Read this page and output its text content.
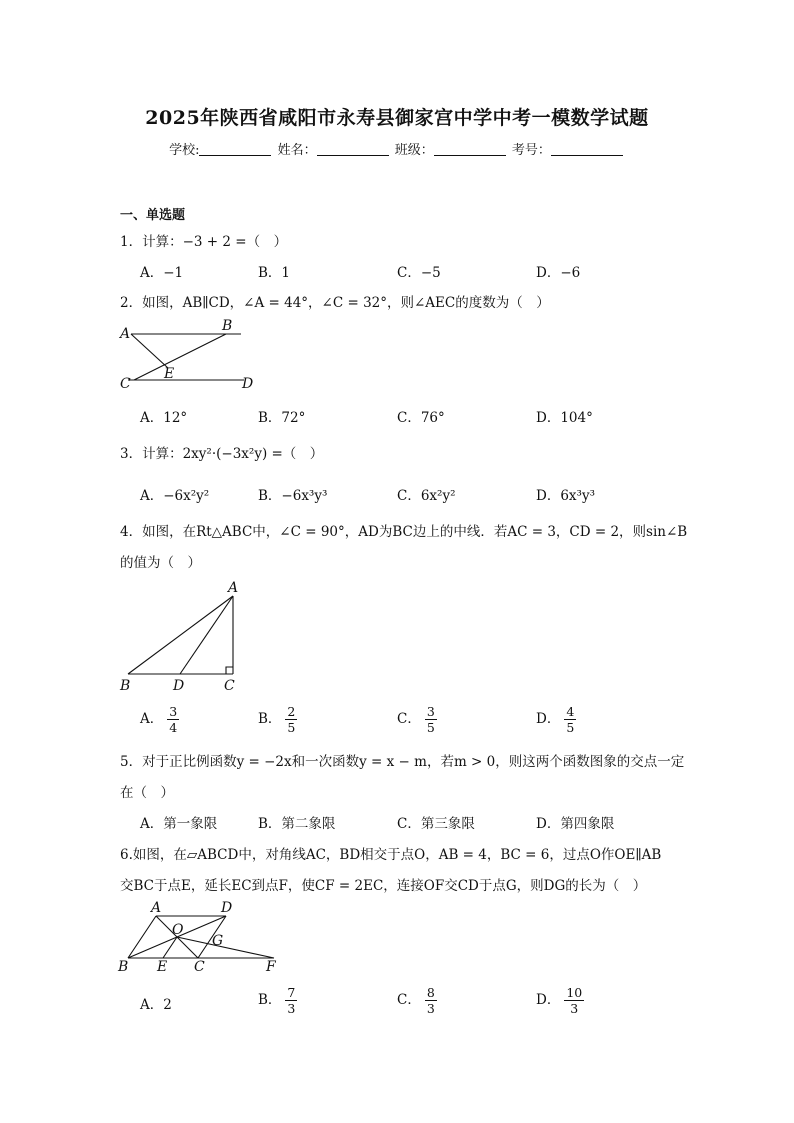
2025年陕西省咸阳市永寿县御家宫中学中考一模数学试题
学校:	姓名：	班级：	考号：
一、单选题
1．计算：−3 + 2 =（　）
A．−1	B．1	C．−5	D．−6
2．如图，AB∥CD，∠A = 44°，∠C = 32°，则∠AEC的度数为（　）
A	B
C
E
D
A．12°	B．72°	C．76°	D．104°
3．计算：2xy²·(−3x²y) =（　）
A．−6x²y²	B．−6x³y³	C．6x²y²	D．6x³y³
4．如图，在Rt△ABC中，∠C = 90°，AD为BC边上的中线．若AC = 3，CD = 2，则sin∠B
的值为（　）
A
B	D	C
A． $\frac{3}{4}$	B． $\frac{2}{5}$	C． $\frac{3}{5}$	D． $\frac{4}{5}$
5．对于正比例函数y = −2x和一次函数y = x − m，若m > 0，则这两个函数图象的交点一定
在（　）
A．第一象限	B．第二象限	C．第三象限	D．第四象限
6.如图，在▱ABCD中，对角线AC，BD相交于点O，AB = 4，BC = 6，过点O作OE∥AB
交BC于点E，延长EC到点F，使CF = 2EC，连接OF交CD于点G，则DG的长为（　）
A	D
O
G
B E C	F
A．2	B． $\frac{7}{3}$	C． $\frac{8}{3}$	D． $\frac{10}{3}$
